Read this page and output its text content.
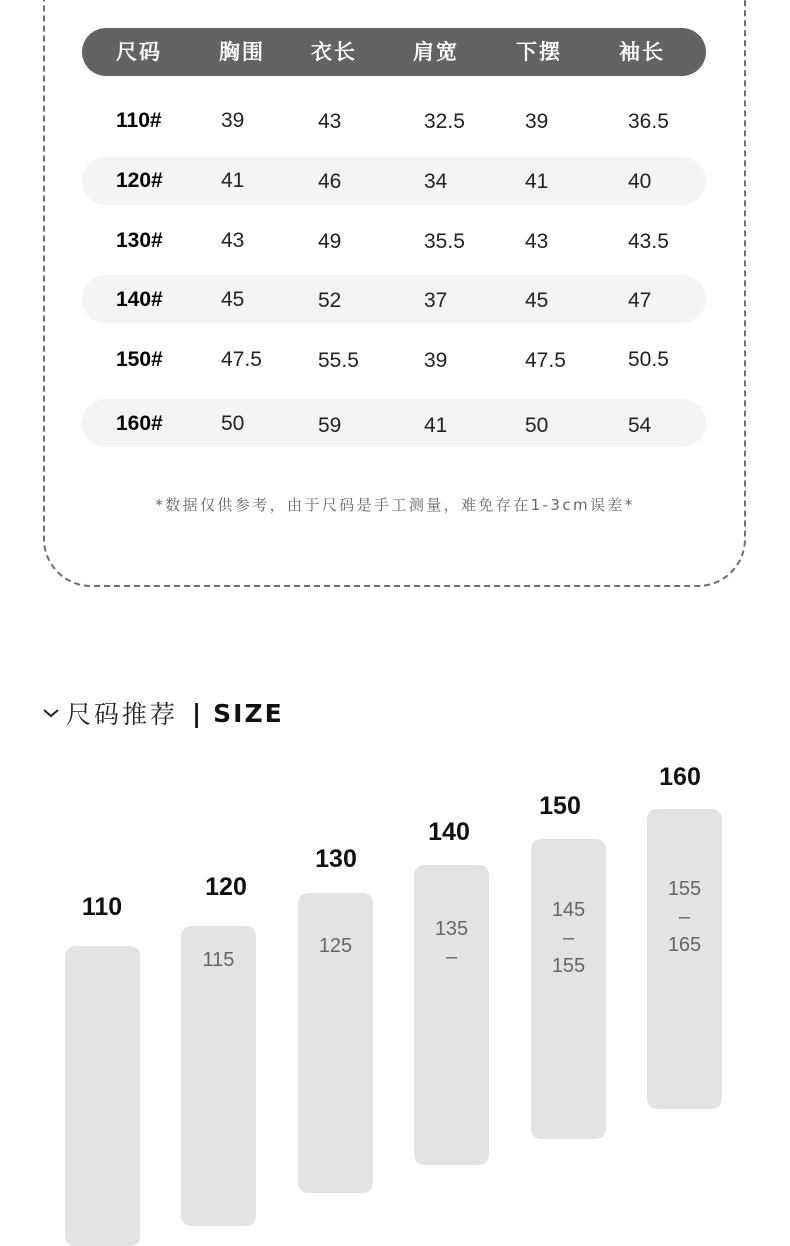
尺码	胸围 衣长	肩宽	下摆	袖长
110#	39	43	32.5	39	36.5
120#	41	46	34	41	40
130#	43	49	35.5	43	43.5
140#	45	52	37	45	47
150#	47.5	55.5	39	47.5	50.5
160#	50	59	41	50	54
*数据仅供参考，由于尺码是手工测量，难免存在1-3cm误差*
尺码推荐 | SIZE
110
120
115
130
125
140
135
–
150
145
–
155
160
155
–
165
